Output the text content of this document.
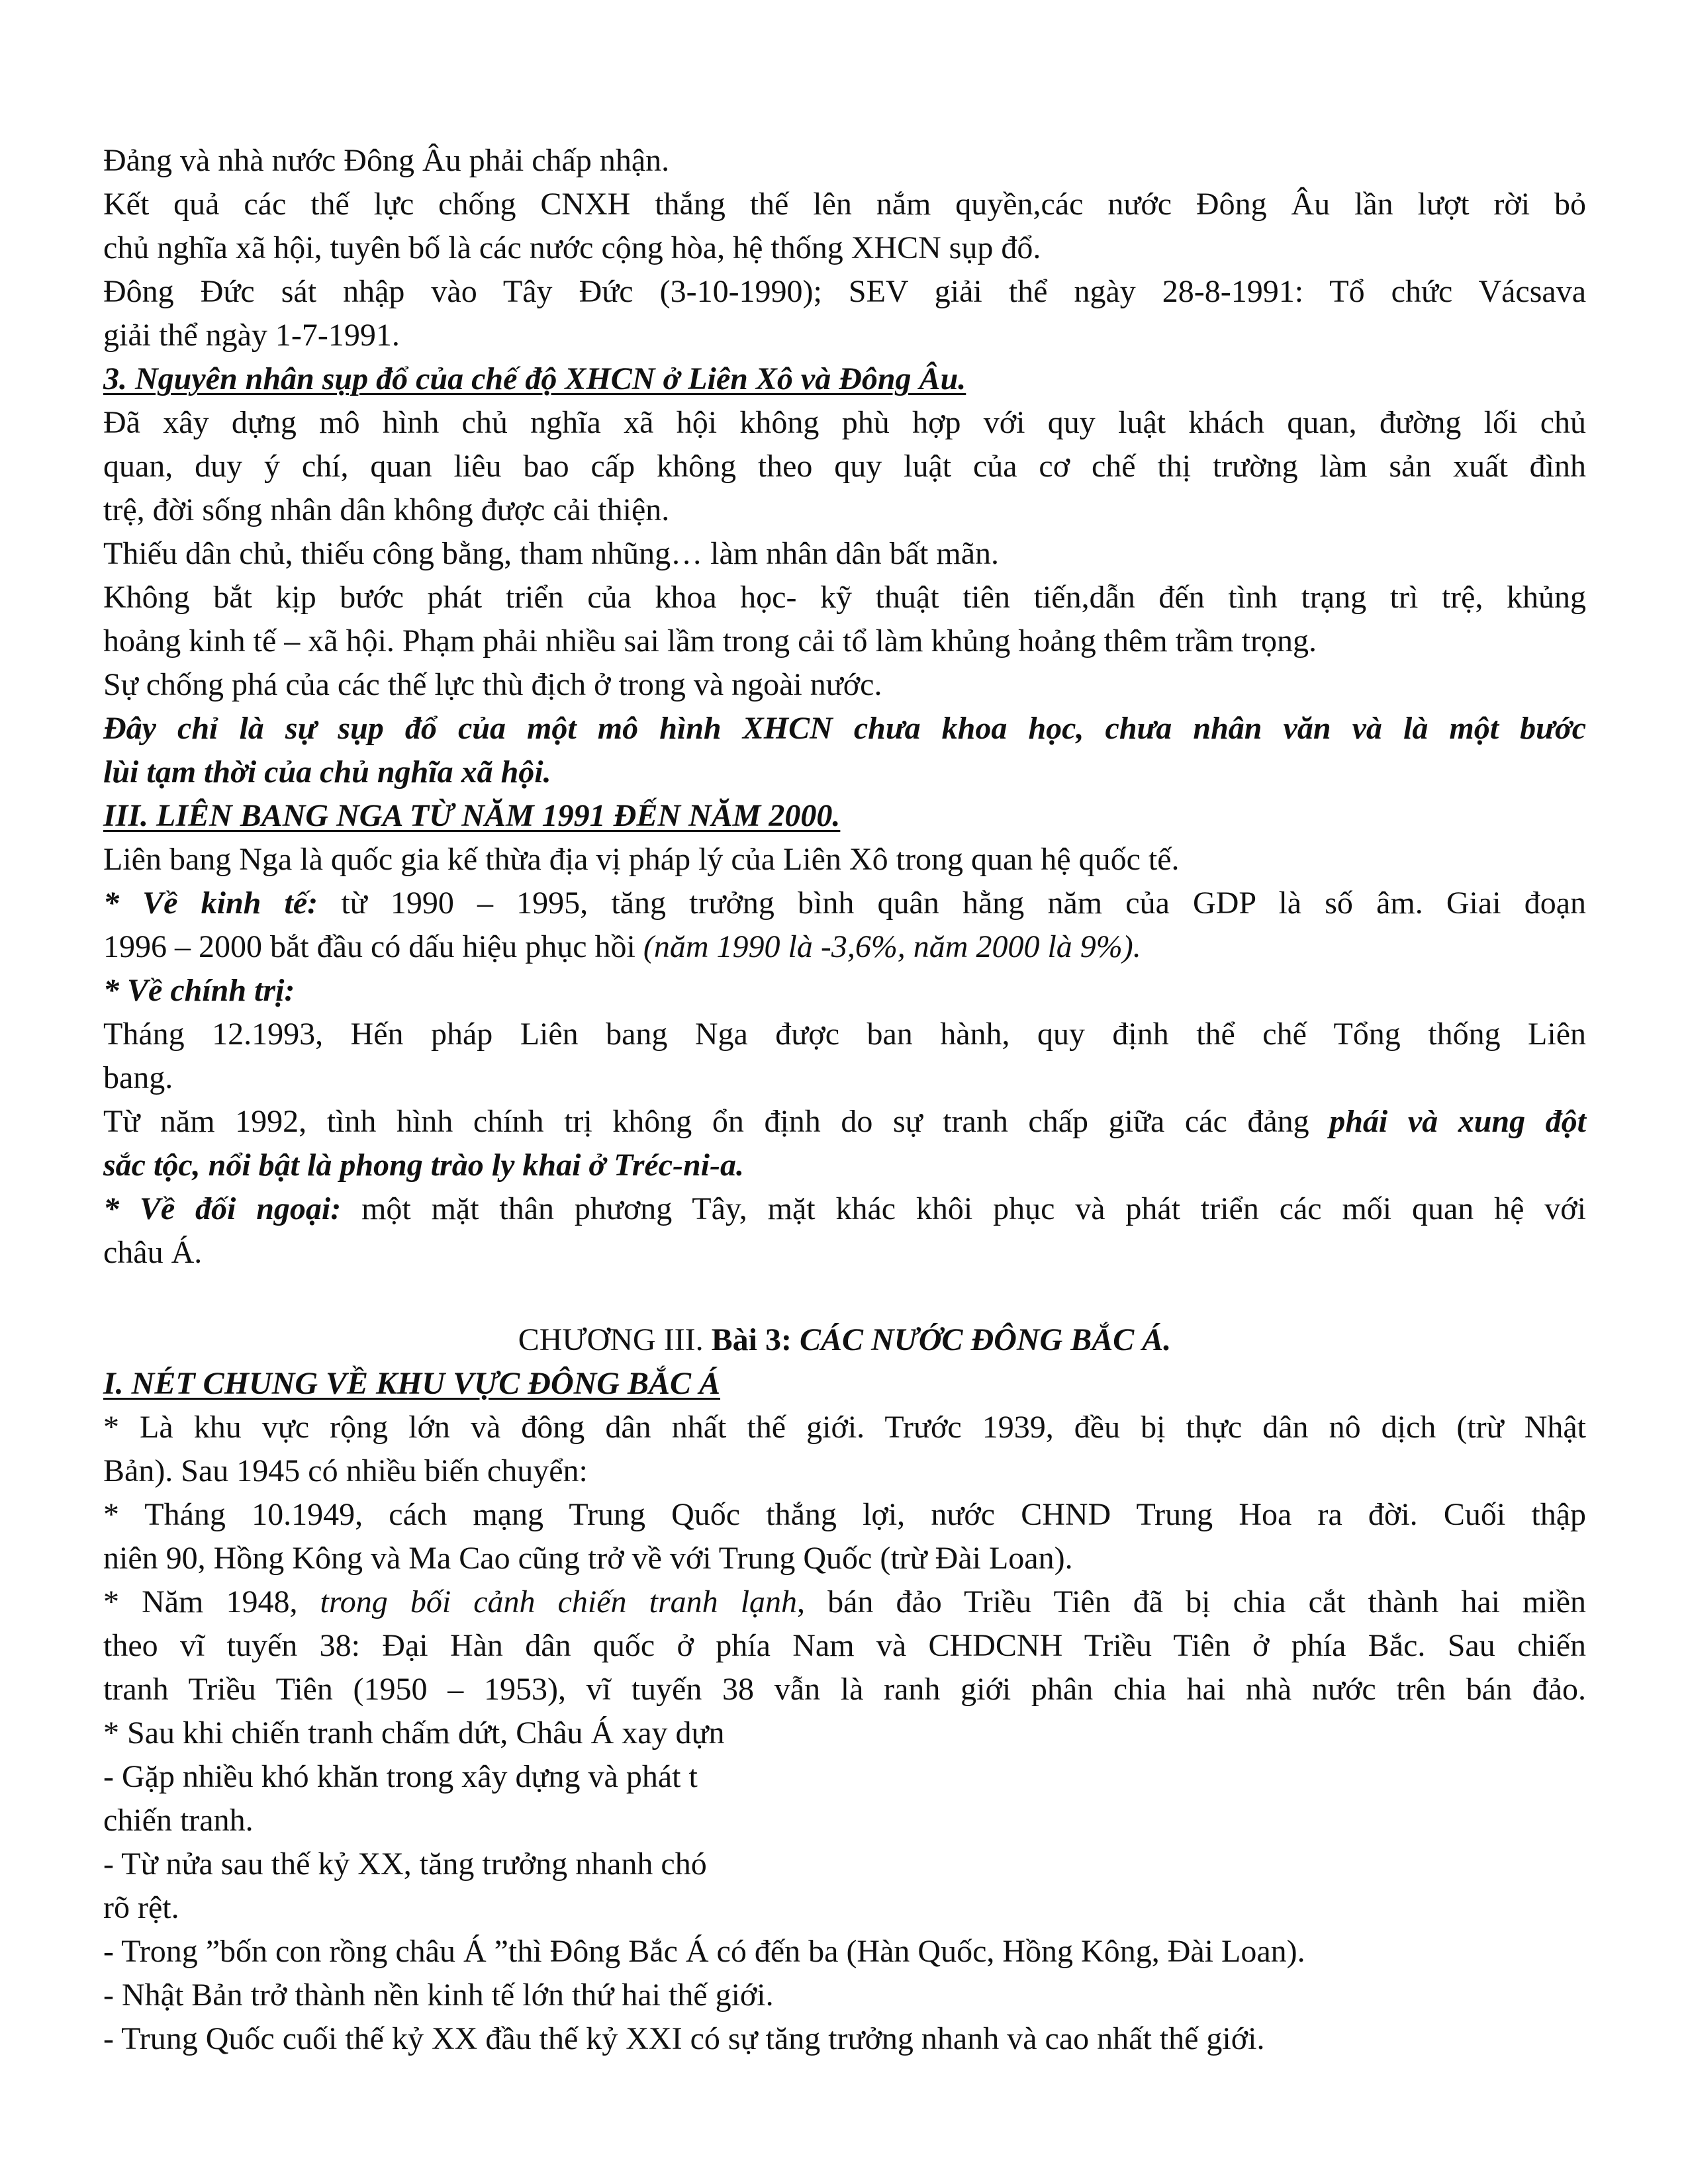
Đảng và nhà nước Đông Âu phải chấp nhận.
Kết quả các thế lực chống CNXH thắng thế lên nắm quyền,các nước Đông Âu lần lượt rời bỏ
chủ nghĩa xã hội, tuyên bố là các nước cộng hòa, hệ thống XHCN sụp đổ.
Đông Đức sát nhập vào Tây Đức (3-10-1990); SEV giải thể ngày 28-8-1991: Tổ chức Vácsava
giải thể ngày 1-7-1991.
3. Nguyên nhân sụp đổ của chế độ XHCN ở Liên Xô và Đông Âu.
Đã xây dựng mô hình chủ nghĩa xã hội không phù hợp với quy luật khách quan, đường lối chủ
quan, duy ý chí, quan liêu bao cấp không theo quy luật của cơ chế thị trường làm sản xuất đình
trệ, đời sống nhân dân không được cải thiện.
Thiếu dân chủ, thiếu công bằng, tham nhũng… làm nhân dân bất mãn.
Không bắt kịp bước phát triển của khoa học- kỹ thuật tiên tiến,dẫn đến tình trạng trì trệ, khủng
hoảng kinh tế – xã hội. Phạm phải nhiều sai lầm trong cải tổ làm khủng hoảng thêm trầm trọng.
Sự chống phá của các thế lực thù địch ở trong và ngoài nước.
Đây chỉ là sự sụp đổ của một mô hình XHCN chưa khoa học, chưa nhân văn và là một bước
lùi tạm thời của chủ nghĩa xã hội.
III. LIÊN BANG NGA TỪ NĂM 1991 ĐẾN NĂM 2000.
Liên bang Nga là quốc gia kế thừa địa vị pháp lý của Liên Xô trong quan hệ quốc tế.
* Về kinh tế: từ 1990 – 1995, tăng trưởng bình quân hằng năm của GDP là số âm. Giai đoạn
1996 – 2000 bắt đầu có dấu hiệu phục hồi (năm 1990 là -3,6%, năm 2000 là 9%).
* Về chính trị:
Tháng 12.1993, Hến pháp Liên bang Nga được ban hành, quy định thể chế Tổng thống Liên
bang.
Từ năm 1992, tình hình chính trị không ổn định do sự tranh chấp giữa các đảng phái và xung đột
sắc tộc, nổi bật là phong trào ly khai ở Tréc-ni-a.
* Về đối ngoại: một mặt thân phương Tây, mặt khác khôi phục và phát triển các mối quan hệ với
châu Á.
CHƯƠNG III. Bài 3: CÁC NƯỚC ĐÔNG BẮC Á.
I. NÉT CHUNG VỀ KHU VỰC ĐÔNG BẮC Á
* Là khu vực rộng lớn và đông dân nhất thế giới. Trước 1939, đều bị thực dân nô dịch (trừ Nhật
Bản). Sau 1945 có nhiều biến chuyển:
* Tháng 10.1949, cách mạng Trung Quốc thắng lợi, nước CHND Trung Hoa ra đời. Cuối thập
niên 90, Hồng Kông và Ma Cao cũng trở về với Trung Quốc (trừ Đài Loan).
* Năm 1948, trong bối cảnh chiến tranh lạnh, bán đảo Triều Tiên đã bị chia cắt thành hai miền
theo vĩ tuyến 38: Đại Hàn dân quốc ở phía Nam và CHDCNH Triều Tiên ở phía Bắc. Sau chiến
tranh Triều Tiên (1950 – 1953), vĩ tuyến 38 vẫn là ranh giới phân chia hai nhà nước trên bán đảo.
* Sau khi chiến tranh chấm dứt, Châu Á xay dựn
- Gặp nhiều khó khăn trong xây dựng và phát t
chiến tranh.
- Từ nửa sau thế kỷ XX, tăng trưởng nhanh chó
rõ rệt.
- Trong ”bốn con rồng châu Á ”thì Đông Bắc Á có đến ba (Hàn Quốc, Hồng Kông, Đài Loan).
- Nhật Bản trở thành nền kinh tế lớn thứ hai thế giới.
- Trung Quốc cuối thế kỷ XX đầu thế kỷ XXI có sự tăng trưởng nhanh và cao nhất thế giới.
